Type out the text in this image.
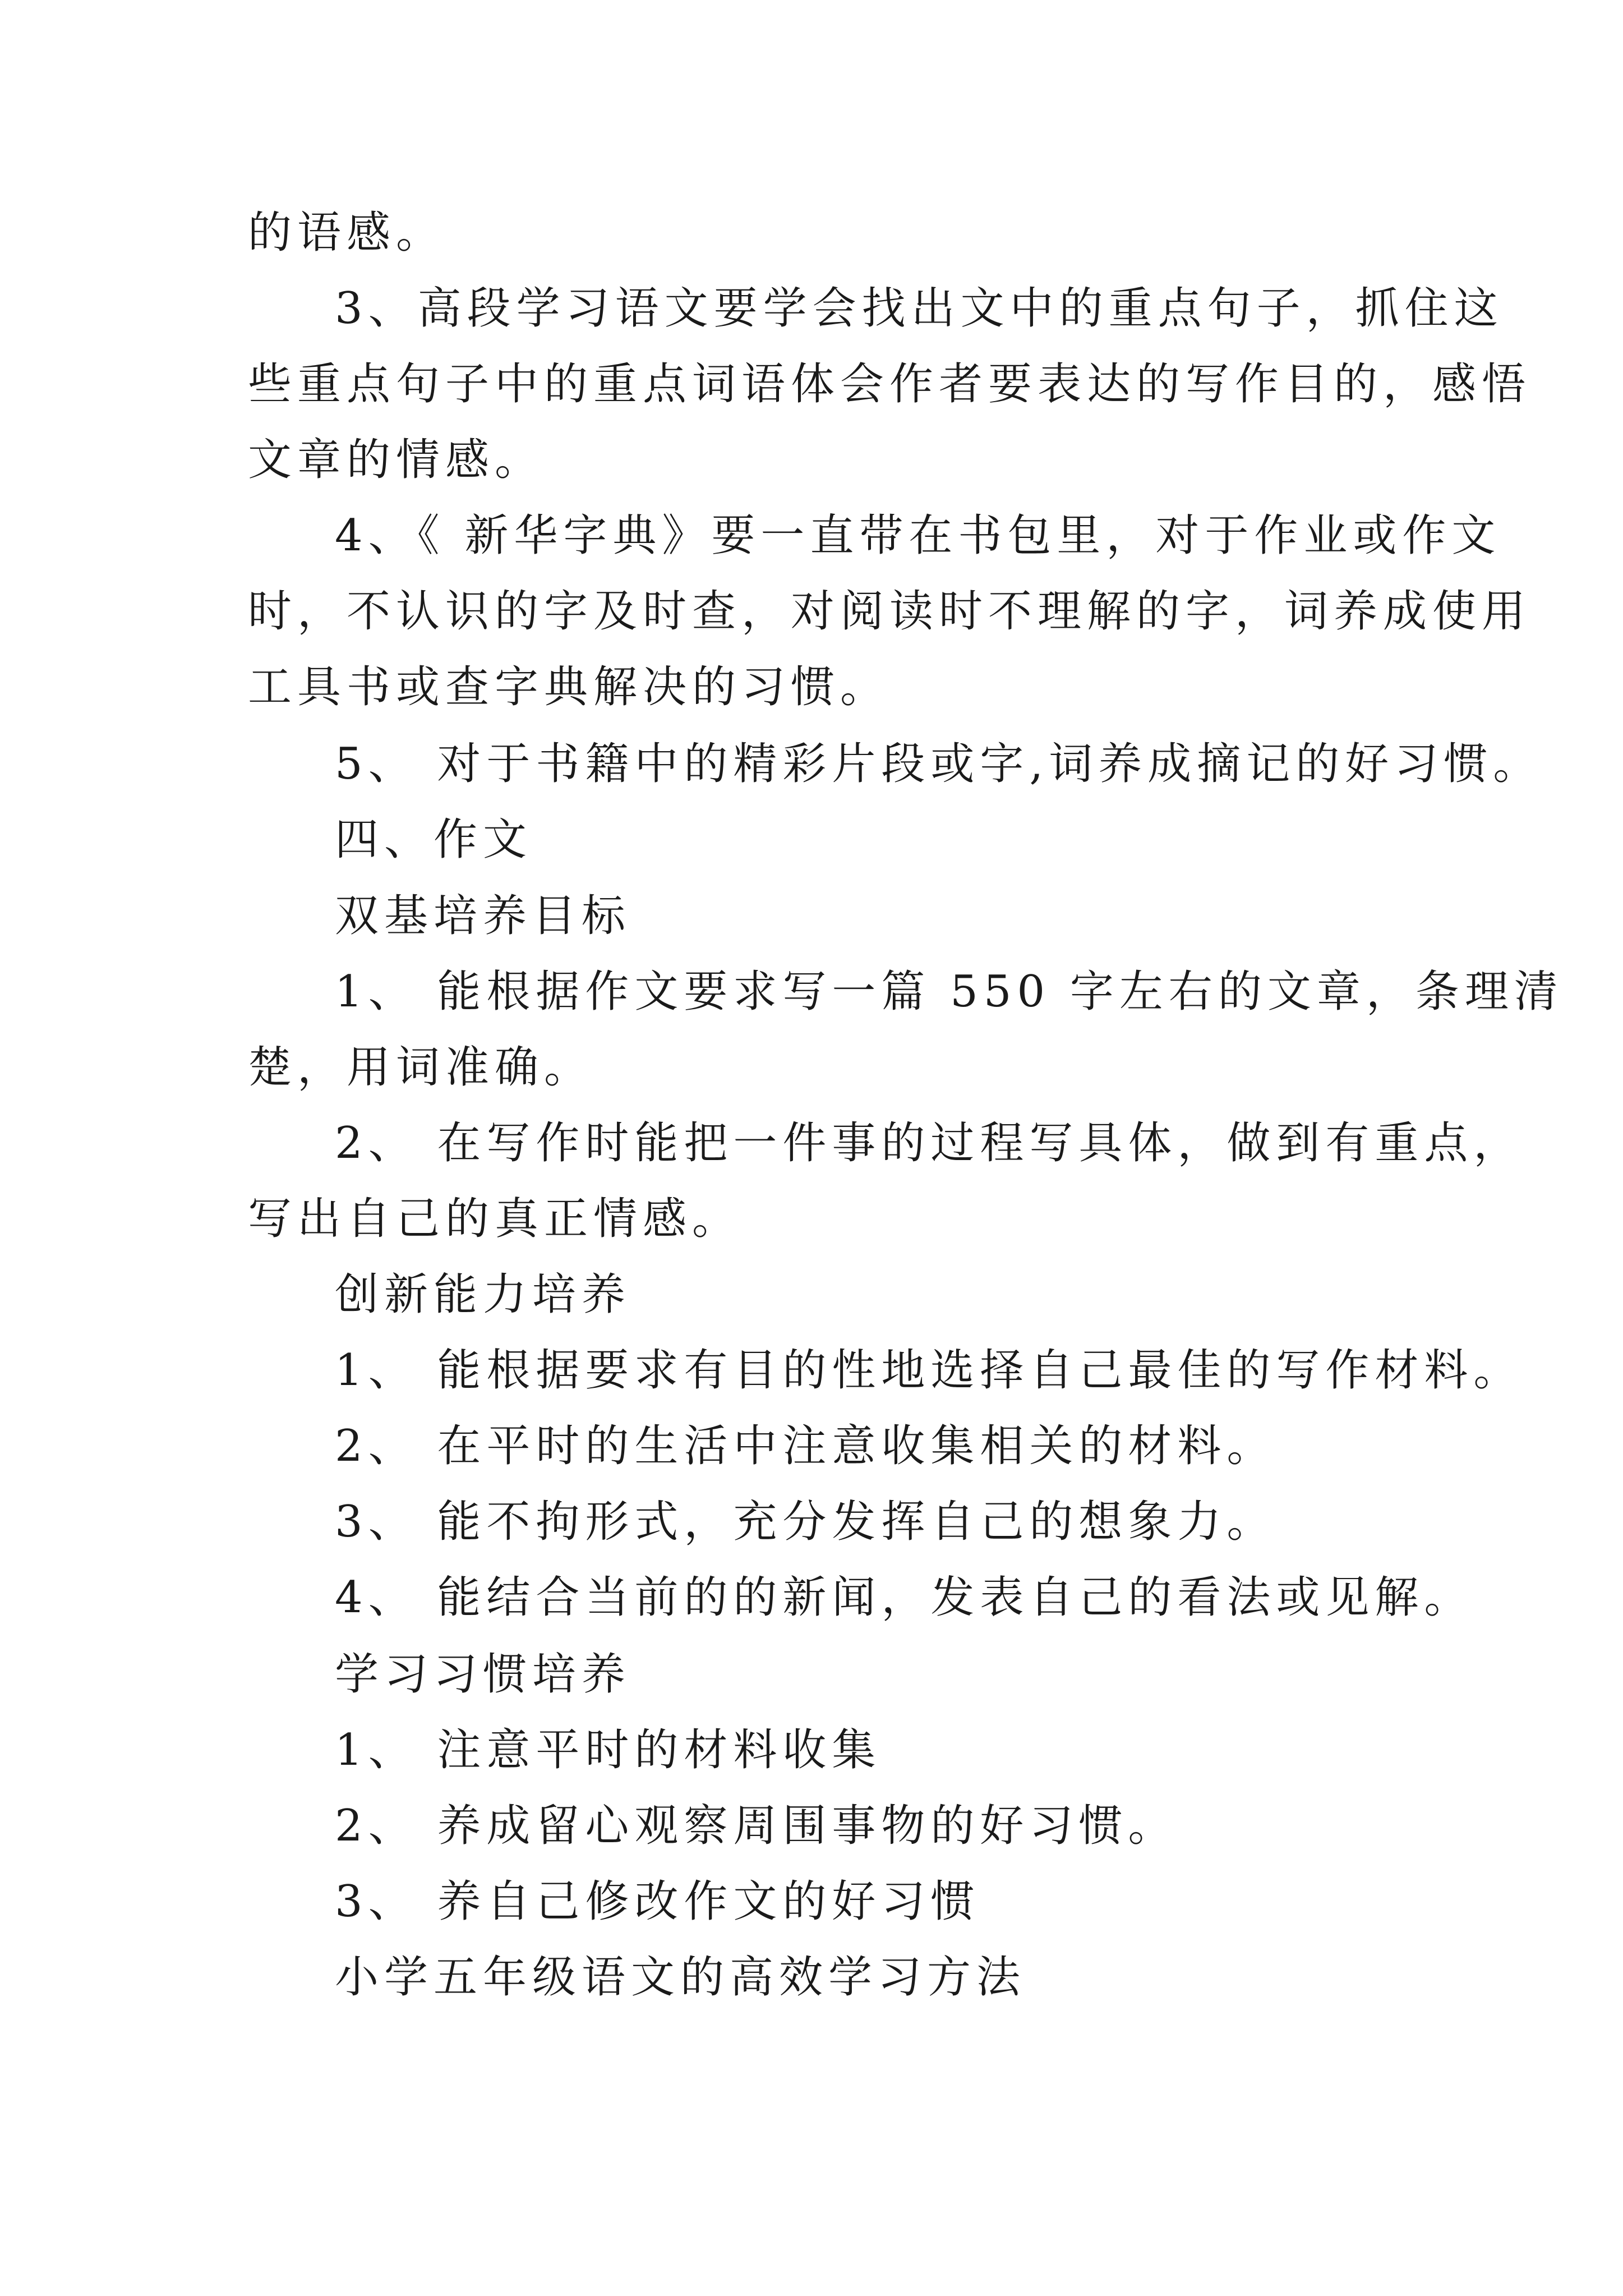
的语感。
3、高段学习语文要学会找出文中的重点句子，抓住这
些重点句子中的重点词语体会作者要表达的写作目的，感悟
文章的情感。
4、《 新华字典》要一直带在书包里，对于作业或作文
时，不认识的字及时查，对阅读时不理解的字，词养成使用
工具书或查字典解决的习惯。
5、 对于书籍中的精彩片段或字,词养成摘记的好习惯。
四、作文
双基培养目标
1、 能根据作文要求写一篇 550 字左右的文章，条理清
楚，用词准确。
2、 在写作时能把一件事的过程写具体，做到有重点，
写出自己的真正情感。
创新能力培养
1、 能根据要求有目的性地选择自己最佳的写作材料。
2、 在平时的生活中注意收集相关的材料。
3、 能不拘形式，充分发挥自己的想象力。
4、 能结合当前的的新闻，发表自己的看法或见解。
学习习惯培养
1、 注意平时的材料收集
2、 养成留心观察周围事物的好习惯。
3、 养自己修改作文的好习惯
小学五年级语文的高效学习方法
